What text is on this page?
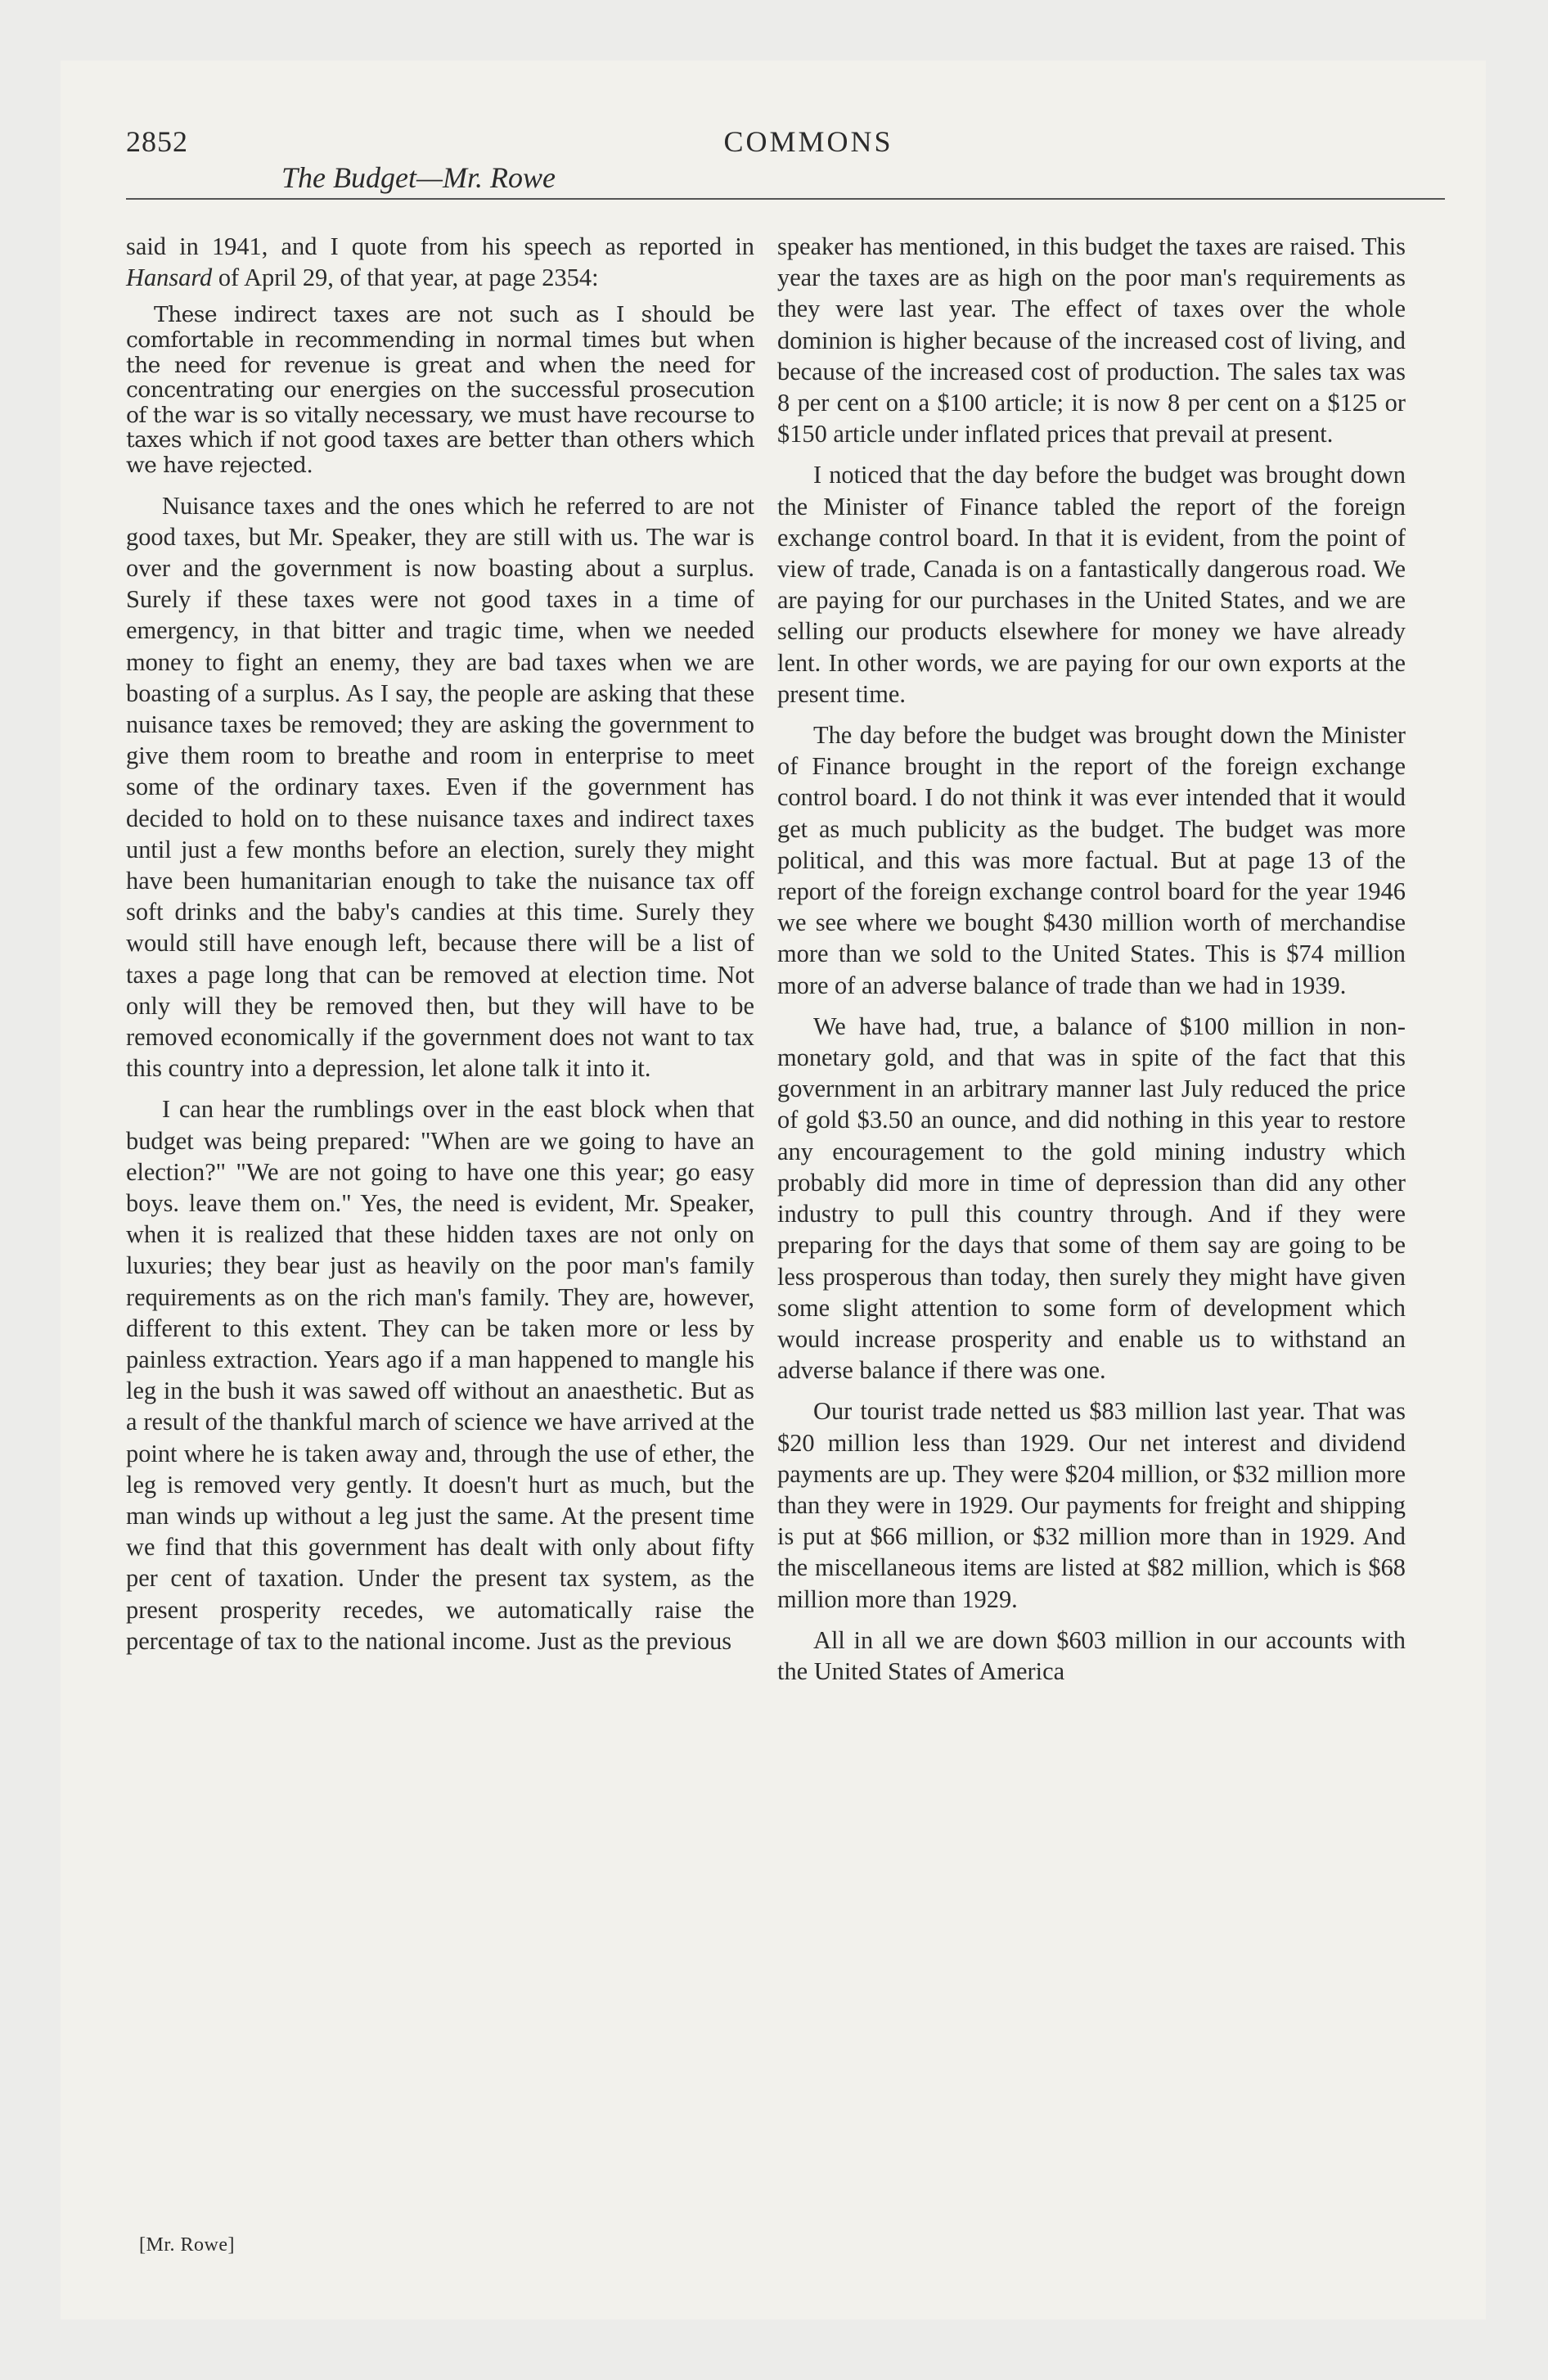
2852	COMMONS
The Budget—Mr. Rowe

said in 1941, and I quote from his speech as reported in Hansard of April 29, of that year, at page 2354:

These indirect taxes are not such as I should be comfortable in recommending in normal times but when the need for revenue is great and when the need for concentrating our energies on the successful prosecution of the war is so vitally necessary, we must have recourse to taxes which if not good taxes are better than others which we have rejected.

Nuisance taxes and the ones which he referred to are not good taxes, but Mr. Speaker, they are still with us. The war is over and the government is now boasting about a surplus. Surely if these taxes were not good taxes in a time of emergency, in that bitter and tragic time, when we needed money to fight an enemy, they are bad taxes when we are boasting of a surplus. As I say, the people are asking that these nuisance taxes be removed; they are asking the government to give them room to breathe and room in enterprise to meet some of the ordinary taxes. Even if the government has decided to hold on to these nuisance taxes and indirect taxes until just a few months before an election, surely they might have been humanitarian enough to take the nuisance tax off soft drinks and the baby's candies at this time. Surely they would still have enough left, because there will be a list of taxes a page long that can be removed at election time. Not only will they be removed then, but they will have to be removed economically if the government does not want to tax this country into a depression, let alone talk it into it.

I can hear the rumblings over in the east block when that budget was being prepared: "When are we going to have an election?" "We are not going to have one this year; go easy boys. leave them on." Yes, the need is evident, Mr. Speaker, when it is realized that these hidden taxes are not only on luxuries; they bear just as heavily on the poor man's family requirements as on the rich man's family. They are, however, different to this extent. They can be taken more or less by painless extraction. Years ago if a man happened to mangle his leg in the bush it was sawed off without an anaesthetic. But as a result of the thankful march of science we have arrived at the point where he is taken away and, through the use of ether, the leg is removed very gently. It doesn't hurt as much, but the man winds up without a leg just the same. At the present time we find that this government has dealt with only about fifty per cent of taxation. Under the present tax system, as the present prosperity recedes, we automatically raise the percentage of tax to the national income. Just as the previous

speaker has mentioned, in this budget the taxes are raised. This year the taxes are as high on the poor man's requirements as they were last year. The effect of taxes over the whole dominion is higher because of the increased cost of living, and because of the increased cost of production. The sales tax was 8 per cent on a $100 article; it is now 8 per cent on a $125 or $150 article under inflated prices that prevail at present.

I noticed that the day before the budget was brought down the Minister of Finance tabled the report of the foreign exchange control board. In that it is evident, from the point of view of trade, Canada is on a fantastically dangerous road. We are paying for our purchases in the United States, and we are selling our products elsewhere for money we have already lent. In other words, we are paying for our own exports at the present time.

The day before the budget was brought down the Minister of Finance brought in the report of the foreign exchange control board. I do not think it was ever intended that it would get as much publicity as the budget. The budget was more political, and this was more factual. But at page 13 of the report of the foreign exchange control board for the year 1946 we see where we bought $430 million worth of merchandise more than we sold to the United States. This is $74 million more of an adverse balance of trade than we had in 1939.

We have had, true, a balance of $100 million in non-monetary gold, and that was in spite of the fact that this government in an arbitrary manner last July reduced the price of gold $3.50 an ounce, and did nothing in this year to restore any encouragement to the gold mining industry which probably did more in time of depression than did any other industry to pull this country through. And if they were preparing for the days that some of them say are going to be less prosperous than today, then surely they might have given some slight attention to some form of development which would increase prosperity and enable us to withstand an adverse balance if there was one.

Our tourist trade netted us $83 million last year. That was $20 million less than 1929. Our net interest and dividend payments are up. They were $204 million, or $32 million more than they were in 1929. Our payments for freight and shipping is put at $66 million, or $32 million more than in 1929. And the miscellaneous items are listed at $82 million, which is $68 million more than 1929.

All in all we are down $603 million in our accounts with the United States of America

[Mr. Rowe]
